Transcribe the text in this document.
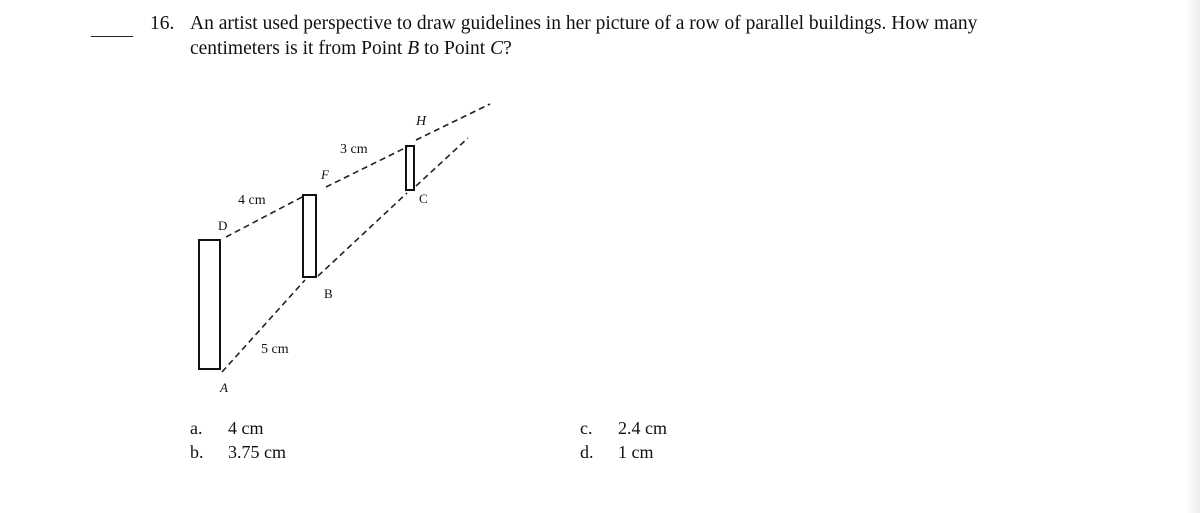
16. An artist used perspective to draw guidelines in her picture of a row of parallel buildings. How many centimeters is it from Point B to Point C?
H
3 cm
F
C
4 cm
D
B
5 cm
A
a. 4 cm
b. 3.75 cm
c. 2.4 cm
d. 1 cm
